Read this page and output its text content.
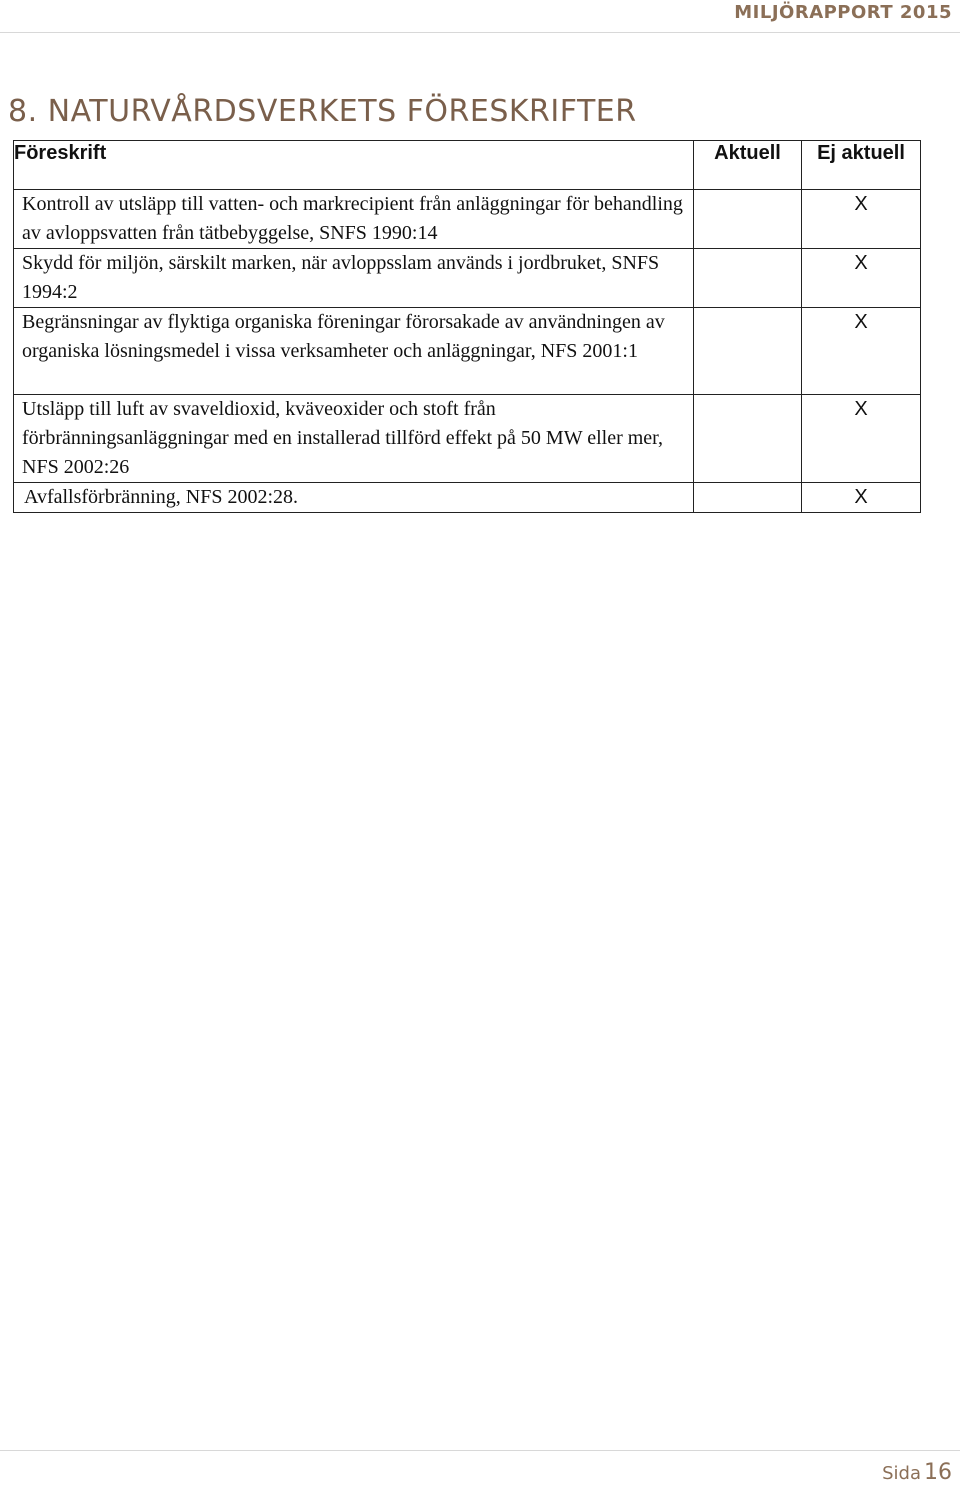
MILJÖRAPPORT 2015
8. NATURVÅRDSVERKETS FÖRESKRIFTER
Föreskrift	Aktuell	Ej aktuell
Kontroll av utsläpp till vatten- och markrecipient från anläggningar för behandling av avloppsvatten från tätbebyggelse, SNFS 1990:14		X
Skydd för miljön, särskilt marken, när avloppsslam används i jordbruket, SNFS 1994:2		X
Begränsningar av flyktiga organiska föreningar förorsakade av användningen av organiska lösningsmedel i vissa verksamheter och anläggningar, NFS 2001:1		X
Utsläpp till luft av svaveldioxid, kväveoxider och stoft från förbränningsanläggningar med en installerad tillförd effekt på 50 MW eller mer, NFS 2002:26		X
Avfallsförbränning, NFS 2002:28.		X
Sida 16
